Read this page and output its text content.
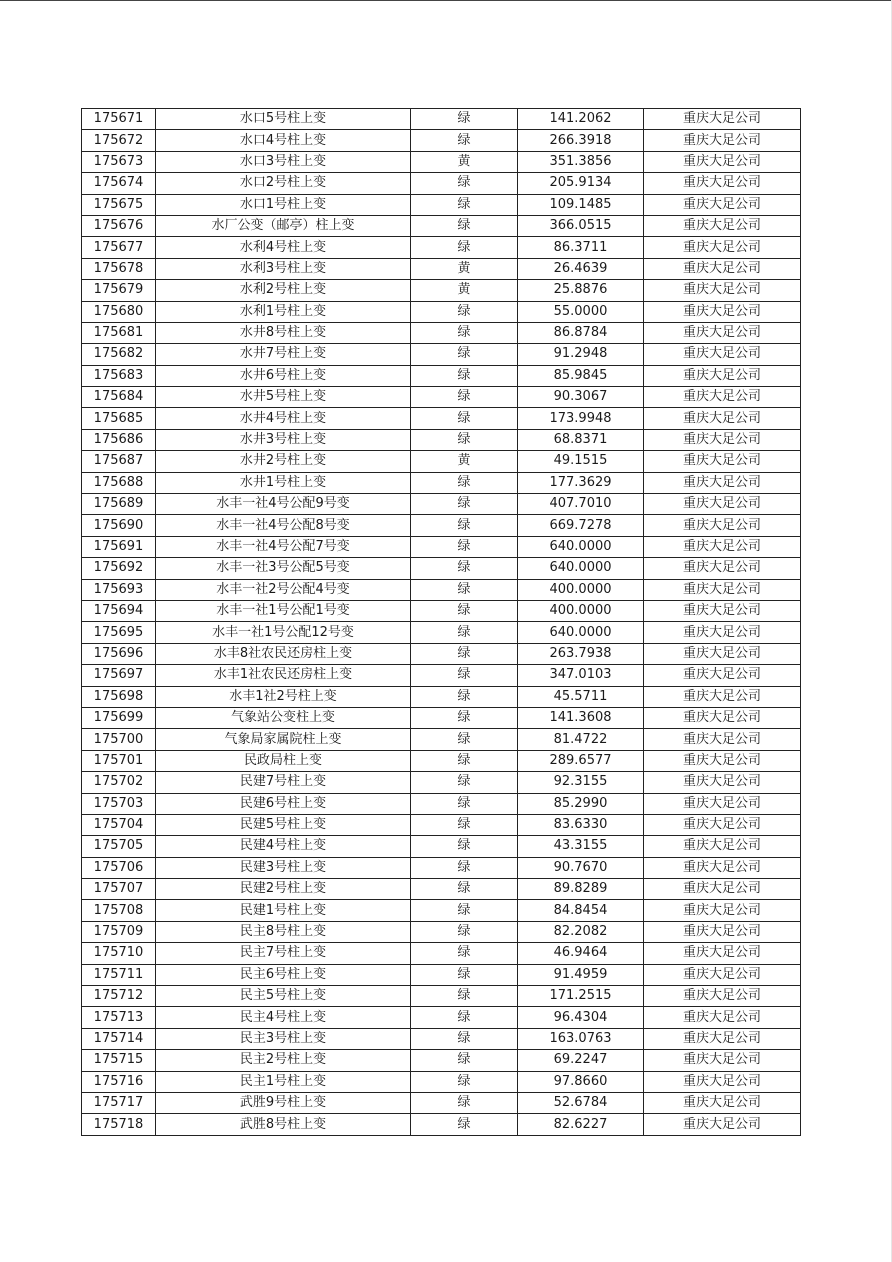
175671	水口5号柱上变	绿	141.2062	重庆大足公司
175672	水口4号柱上变	绿	266.3918	重庆大足公司
175673	水口3号柱上变	黄	351.3856	重庆大足公司
175674	水口2号柱上变	绿	205.9134	重庆大足公司
175675	水口1号柱上变	绿	109.1485	重庆大足公司
175676	水厂公变（邮亭）柱上变	绿	366.0515	重庆大足公司
175677	水利4号柱上变	绿	86.3711	重庆大足公司
175678	水利3号柱上变	黄	26.4639	重庆大足公司
175679	水利2号柱上变	黄	25.8876	重庆大足公司
175680	水利1号柱上变	绿	55.0000	重庆大足公司
175681	水井8号柱上变	绿	86.8784	重庆大足公司
175682	水井7号柱上变	绿	91.2948	重庆大足公司
175683	水井6号柱上变	绿	85.9845	重庆大足公司
175684	水井5号柱上变	绿	90.3067	重庆大足公司
175685	水井4号柱上变	绿	173.9948	重庆大足公司
175686	水井3号柱上变	绿	68.8371	重庆大足公司
175687	水井2号柱上变	黄	49.1515	重庆大足公司
175688	水井1号柱上变	绿	177.3629	重庆大足公司
175689	水丰一社4号公配9号变	绿	407.7010	重庆大足公司
175690	水丰一社4号公配8号变	绿	669.7278	重庆大足公司
175691	水丰一社4号公配7号变	绿	640.0000	重庆大足公司
175692	水丰一社3号公配5号变	绿	640.0000	重庆大足公司
175693	水丰一社2号公配4号变	绿	400.0000	重庆大足公司
175694	水丰一社1号公配1号变	绿	400.0000	重庆大足公司
175695	水丰一社1号公配12号变	绿	640.0000	重庆大足公司
175696	水丰8社农民还房柱上变	绿	263.7938	重庆大足公司
175697	水丰1社农民还房柱上变	绿	347.0103	重庆大足公司
175698	水丰1社2号柱上变	绿	45.5711	重庆大足公司
175699	气象站公变柱上变	绿	141.3608	重庆大足公司
175700	气象局家属院柱上变	绿	81.4722	重庆大足公司
175701	民政局柱上变	绿	289.6577	重庆大足公司
175702	民建7号柱上变	绿	92.3155	重庆大足公司
175703	民建6号柱上变	绿	85.2990	重庆大足公司
175704	民建5号柱上变	绿	83.6330	重庆大足公司
175705	民建4号柱上变	绿	43.3155	重庆大足公司
175706	民建3号柱上变	绿	90.7670	重庆大足公司
175707	民建2号柱上变	绿	89.8289	重庆大足公司
175708	民建1号柱上变	绿	84.8454	重庆大足公司
175709	民主8号柱上变	绿	82.2082	重庆大足公司
175710	民主7号柱上变	绿	46.9464	重庆大足公司
175711	民主6号柱上变	绿	91.4959	重庆大足公司
175712	民主5号柱上变	绿	171.2515	重庆大足公司
175713	民主4号柱上变	绿	96.4304	重庆大足公司
175714	民主3号柱上变	绿	163.0763	重庆大足公司
175715	民主2号柱上变	绿	69.2247	重庆大足公司
175716	民主1号柱上变	绿	97.8660	重庆大足公司
175717	武胜9号柱上变	绿	52.6784	重庆大足公司
175718	武胜8号柱上变	绿	82.6227	重庆大足公司
